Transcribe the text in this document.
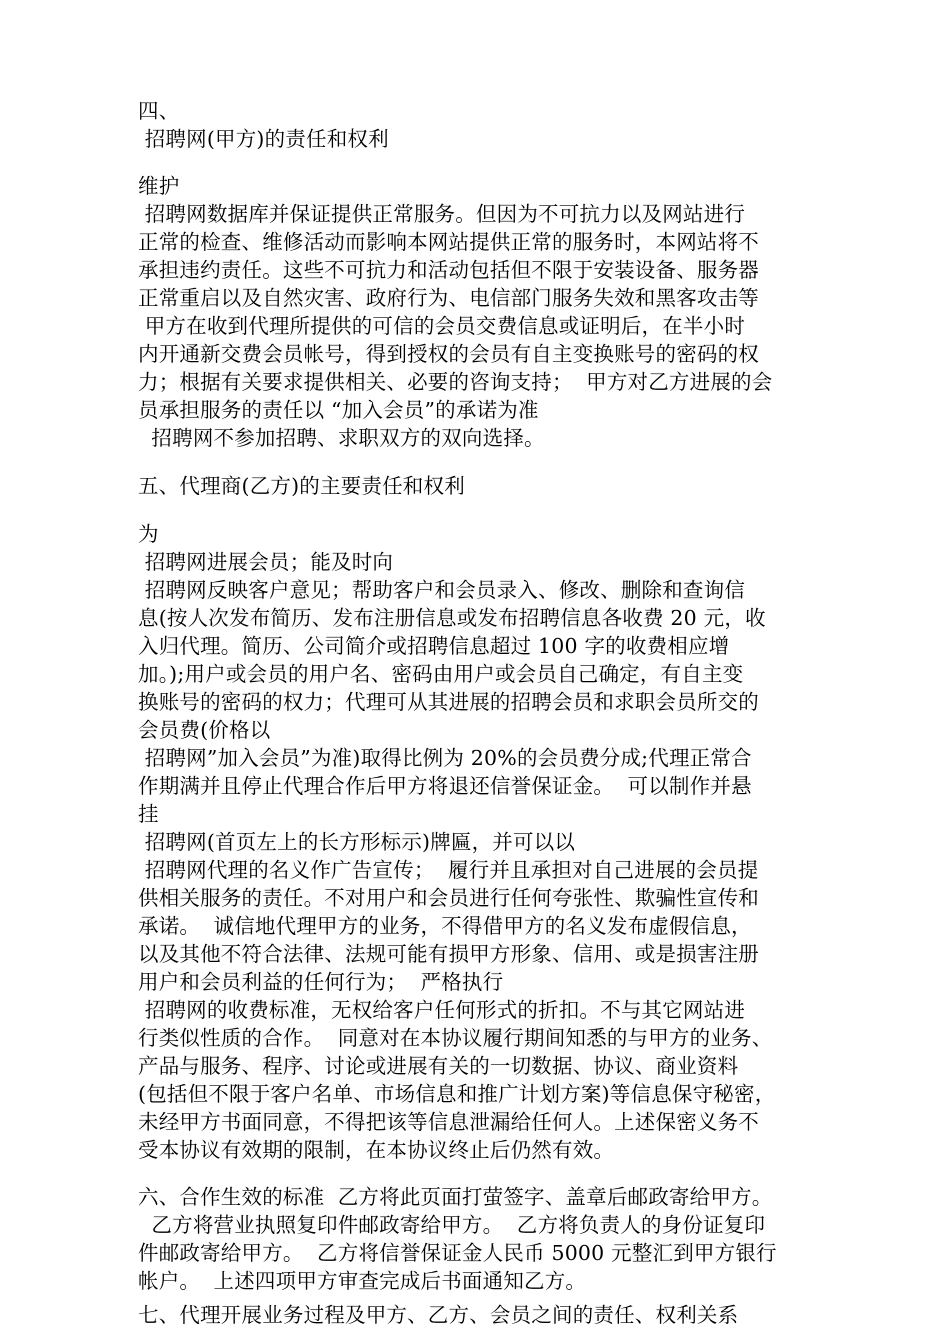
四、
招聘网(甲方)的责任和权利
维护
招聘网数据库并保证提供正常服务。但因为不可抗力以及网站进行
正常的检查、维修活动而影响本网站提供正常的服务时，本网站将不
承担违约责任。这些不可抗力和活动包括但不限于安装设备、服务器
正常重启以及自然灾害、政府行为、电信部门服务失效和黑客攻击等
甲方在收到代理所提供的可信的会员交费信息或证明后，在半小时
内开通新交费会员帐号，得到授权的会员有自主变换账号的密码的权
力；根据有关要求提供相关、必要的咨询支持；  甲方对乙方进展的会
员承担服务的责任以 “加入会员”的承诺为准
招聘网不参加招聘、求职双方的双向选择。
五、代理商(乙方)的主要责任和权利
为
招聘网进展会员；能及时向
招聘网反映客户意见；帮助客户和会员录入、修改、删除和查询信
息(按人次发布简历、发布注册信息或发布招聘信息各收费 20 元，收
入归代理。简历、公司简介或招聘信息超过 100 字的收费相应增
加。);用户或会员的用户名、密码由用户或会员自己确定，有自主变
换账号的密码的权力；代理可从其进展的招聘会员和求职会员所交的
会员费(价格以
招聘网”加入会员”为准)取得比例为 20%的会员费分成;代理正常合
作期满并且停止代理合作后甲方将退还信誉保证金。  可以制作并悬
挂
招聘网(首页左上的长方形标示)牌匾，并可以以
招聘网代理的名义作广告宣传；  履行并且承担对自己进展的会员提
供相关服务的责任。不对用户和会员进行任何夸张性、欺骗性宣传和
承诺。  诚信地代理甲方的业务，不得借甲方的名义发布虚假信息，
以及其他不符合法律、法规可能有损甲方形象、信用、或是损害注册
用户和会员利益的任何行为；  严格执行
招聘网的收费标准，无权给客户任何形式的折扣。不与其它网站进
行类似性质的合作。  同意对在本协议履行期间知悉的与甲方的业务、
产品与服务、程序、讨论或进展有关的一切数据、协议、商业资料
(包括但不限于客户名单、市场信息和推广计划方案)等信息保守秘密，
未经甲方书面同意，不得把该等信息泄漏给任何人。上述保密义务不
受本协议有效期的限制，在本协议终止后仍然有效。
六、合作生效的标准  乙方将此页面打萤签字、盖章后邮政寄给甲方。
乙方将营业执照复印件邮政寄给甲方。  乙方将负责人的身份证复印
件邮政寄给甲方。  乙方将信誉保证金人民币 5000 元整汇到甲方银行
帐户。  上述四项甲方审查完成后书面通知乙方。
七、代理开展业务过程及甲方、乙方、会员之间的责任、权利关系
